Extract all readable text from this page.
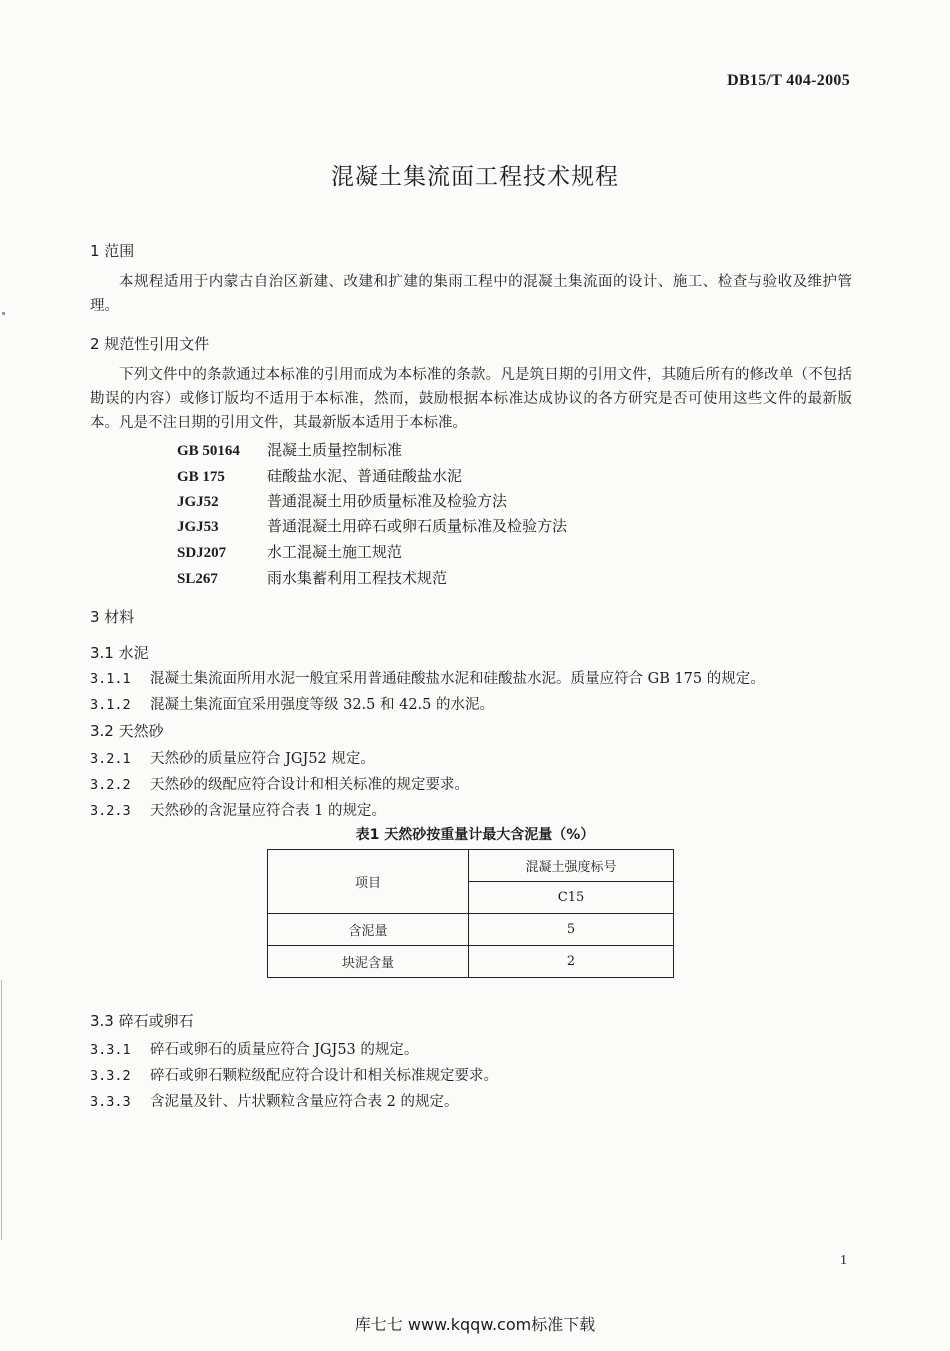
DB15/T 404-2005
混凝土集流面工程技术规程
1 范围
本规程适用于内蒙古自治区新建、改建和扩建的集雨工程中的混凝土集流面的设计、施工、检查与验收及维护管理。
2 规范性引用文件
下列文件中的条款通过本标准的引用而成为本标准的条款。凡是筑日期的引用文件，其随后所有的修改单（不包括勘误的内容）或修订版均不适用于本标准，然而，鼓励根据本标准达成协议的各方研究是否可使用这些文件的最新版本。凡是不注日期的引用文件，其最新版本适用于本标准。
GB 50164 混凝土质量控制标准
GB 175	硅酸盐水泥、普通硅酸盐水泥
JGJ52	普通混凝土用砂质量标准及检验方法
JGJ53	普通混凝土用碎石或卵石质量标准及检验方法
SDJ207	水工混凝土施工规范
SL267	雨水集蓄利用工程技术规范
3 材料
3.1 水泥
3.1.1 混凝土集流面所用水泥一般宜采用普通硅酸盐水泥和硅酸盐水泥。质量应符合 GB 175 的规定。
3.1.2 混凝土集流面宜采用强度等级 32.5 和 42.5 的水泥。
3.2 天然砂
3.2.1 天然砂的质量应符合 JGJ52 规定。
3.2.2 天然砂的级配应符合设计和相关标准的规定要求。
3.2.3 天然砂的含泥量应符合表 1 的规定。
表1 天然砂按重量计最大含泥量（%）
项目	混凝土强度标号
	C15
含泥量	5
块泥含量	2
3.3 碎石或卵石
3.3.1 碎石或卵石的质量应符合 JGJ53 的规定。
3.3.2 碎石或卵石颗粒级配应符合设计和相关标准规定要求。
3.3.3 含泥量及针、片状颗粒含量应符合表 2 的规定。
1
库七七 www.kqqw.com标准下载
